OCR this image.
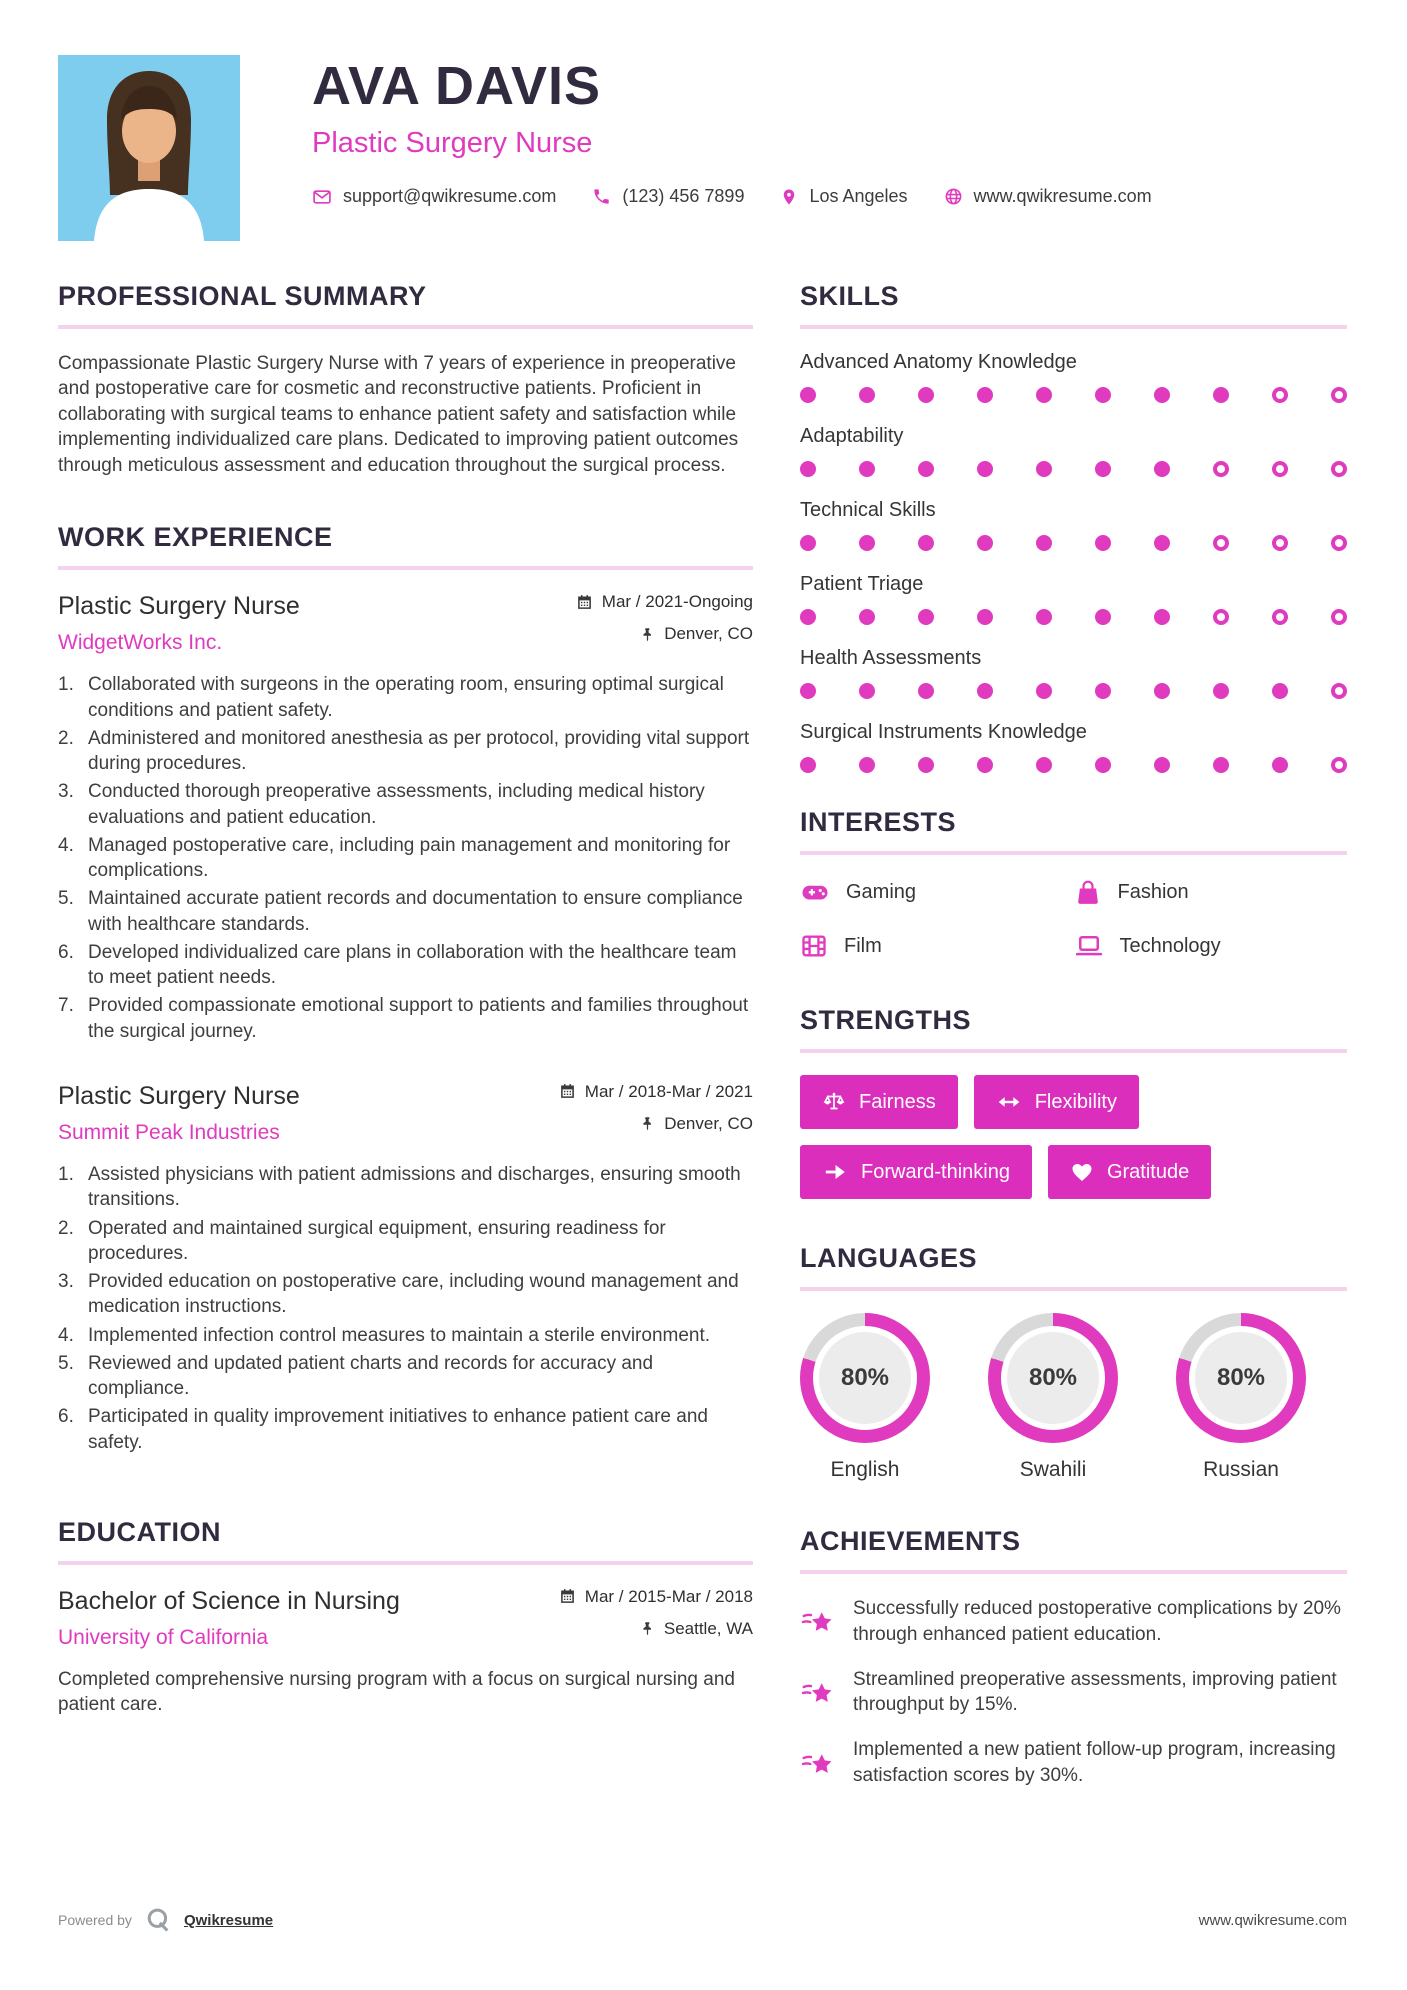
AVA DAVIS
Plastic Surgery Nurse
support@qwikresume.com	(123) 456 7899	Los Angeles	www.qwikresume.com
PROFESSIONAL SUMMARY

Compassionate Plastic Surgery Nurse with 7 years of experience in preoperative and postoperative care for cosmetic and reconstructive patients. Proficient in collaborating with surgical teams to enhance patient safety and satisfaction while implementing individualized care plans. Dedicated to improving patient outcomes through meticulous assessment and education throughout the surgical process.

WORK EXPERIENCE
Plastic Surgery Nurse
WidgetWorks Inc.
Mar / 2021-Ongoing
Denver, CO
Collaborated with surgeons in the operating room, ensuring optimal surgical conditions and patient safety.
Administered and monitored anesthesia as per protocol, providing vital support during procedures.
Conducted thorough preoperative assessments, including medical history evaluations and patient education.
Managed postoperative care, including pain management and monitoring for complications.
Maintained accurate patient records and documentation to ensure compliance with healthcare standards.
Developed individualized care plans in collaboration with the healthcare team to meet patient needs.
Provided compassionate emotional support to patients and families throughout the surgical journey.
Plastic Surgery Nurse
Summit Peak Industries
Mar / 2018-Mar / 2021
Denver, CO
Assisted physicians with patient admissions and discharges, ensuring smooth transitions.
Operated and maintained surgical equipment, ensuring readiness for procedures.
Provided education on postoperative care, including wound management and medication instructions.
Implemented infection control measures to maintain a sterile environment.
Reviewed and updated patient charts and records for accuracy and compliance.
Participated in quality improvement initiatives to enhance patient care and safety.
EDUCATION
Bachelor of Science in Nursing
University of California
Mar / 2015-Mar / 2018
Seattle, WA

Completed comprehensive nursing program with a focus on surgical nursing and patient care.

SKILLS
Advanced Anatomy Knowledge
Adaptability
Technical Skills
Patient Triage
Health Assessments
Surgical Instruments Knowledge
INTERESTS
Gaming	Fashion
Film	Technology
STRENGTHS
Fairness	Flexibility
Forward-thinking	Gratitude
LANGUAGES
80%
English
80%
Swahili
80%
Russian
ACHIEVEMENTS
Successfully reduced postoperative complications by 20% through enhanced patient education.
Streamlined preoperative assessments, improving patient throughput by 15%.
Implemented a new patient follow-up program, increasing satisfaction scores by 30%.
Powered by	Qwikresume	www.qwikresume.com
